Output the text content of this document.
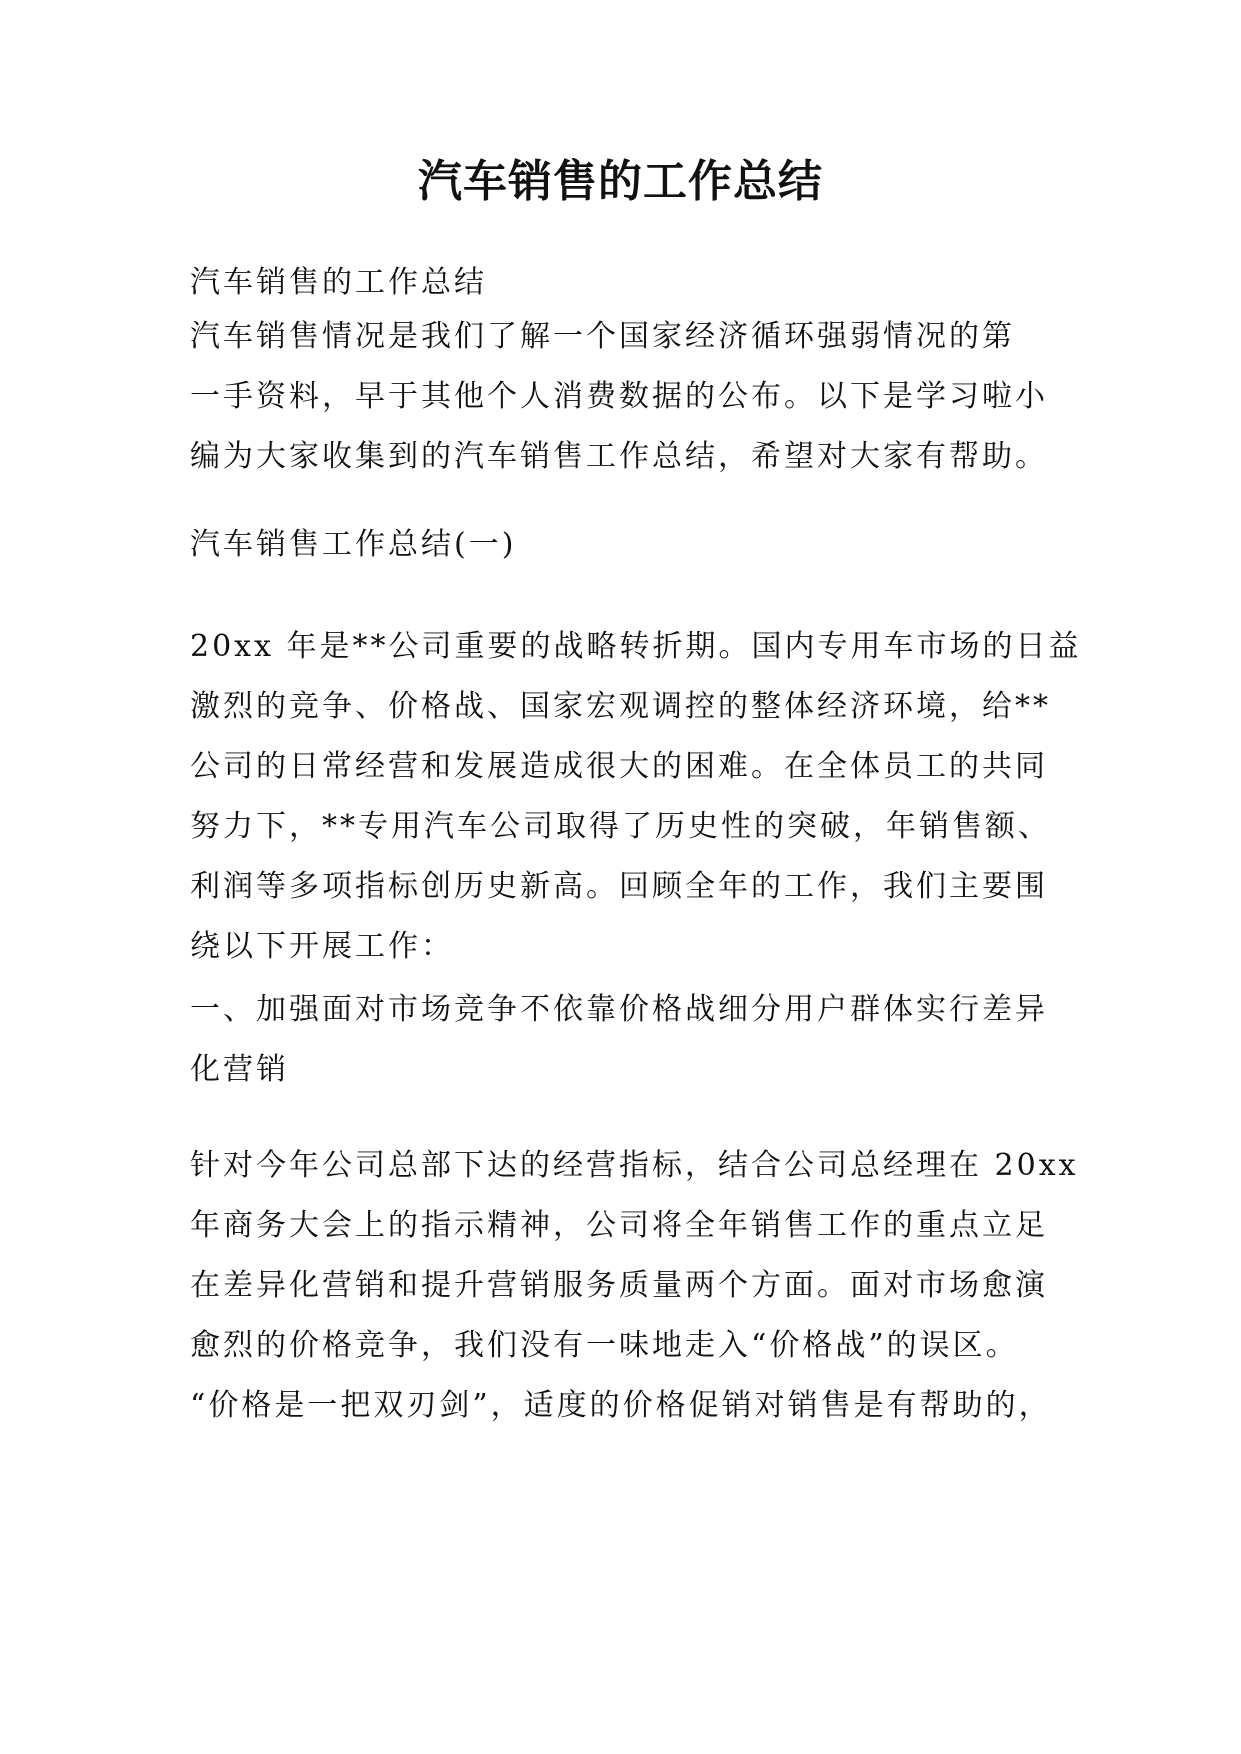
汽车销售的工作总结

汽车销售的工作总结

汽车销售情况是我们了解一个国家经济循环强弱情况的第
一手资料，早于其他个人消费数据的公布。以下是学习啦小
编为大家收集到的汽车销售工作总结，希望对大家有帮助。

汽车销售工作总结(一)

20xx 年是**公司重要的战略转折期。国内专用车市场的日益
激烈的竞争、价格战、国家宏观调控的整体经济环境，给**
公司的日常经营和发展造成很大的困难。在全体员工的共同
努力下，**专用汽车公司取得了历史性的突破，年销售额、
利润等多项指标创历史新高。回顾全年的工作，我们主要围
绕以下开展工作：

一、加强面对市场竞争不依靠价格战细分用户群体实行差异
化营销

针对今年公司总部下达的经营指标，结合公司总经理在 20xx
年商务大会上的指示精神，公司将全年销售工作的重点立足
在差异化营销和提升营销服务质量两个方面。面对市场愈演
愈烈的价格竞争，我们没有一味地走入“价格战”的误区。
“价格是一把双刃剑”，适度的价格促销对销售是有帮助的，
